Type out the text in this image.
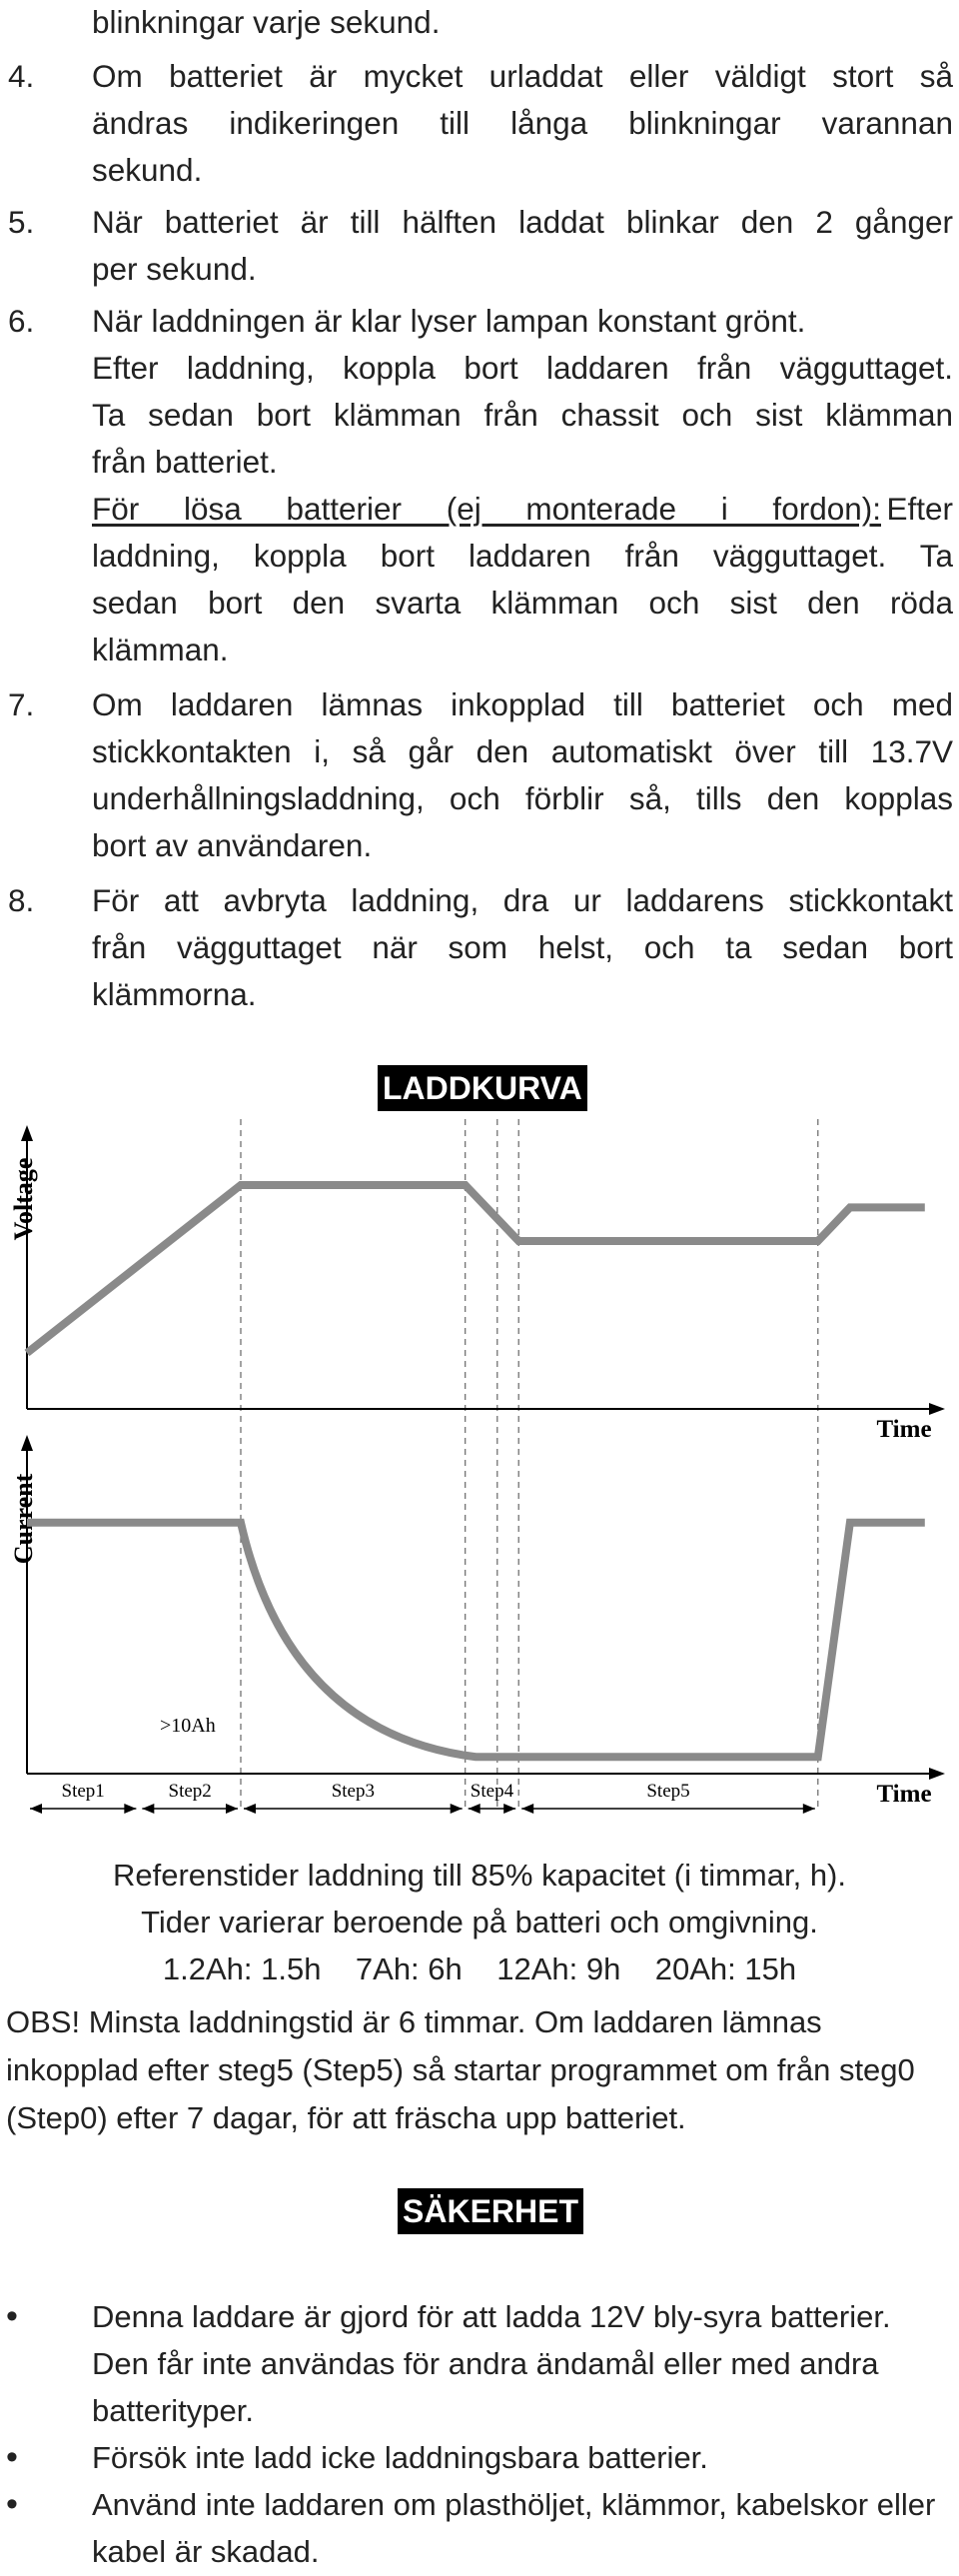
blinkningar varje sekund.
4. Om batteriet är mycket urladdat eller väldigt stort så
ändras indikeringen till långa blinkningar varannan
sekund.
5. När batteriet är till hälften laddat blinkar den 2 gånger
per sekund.
6. När laddningen är klar lyser lampan konstant grönt.
Efter laddning, koppla bort laddaren från vägguttaget.
Ta sedan bort klämman från chassit och sist klämman
från batteriet.
För lösa batterier (ej monterade i fordon): Efter
laddning, koppla bort laddaren från vägguttaget. Ta
sedan bort den svarta klämman och sist den röda
klämman.
7. Om laddaren lämnas inkopplad till batteriet och med
stickkontakten i, så går den automatiskt över till 13.7V
underhållningsladdning, och förblir så, tills den kopplas
bort av användaren.
8. För att avbryta laddning, dra ur laddarens stickkontakt
från vägguttaget när som helst, och ta sedan bort
klämmorna.
LADDKURVA
Voltage
Time
Current
Time
>10Ah
Step1	Step2	Step3	Step4	Step5
Referenstider laddning till 85% kapacitet (i timmar, h).
Tider varierar beroende på batteri och omgivning.
1.2Ah: 1.5h    7Ah: 6h    12Ah: 9h    20Ah: 15h
OBS! Minsta laddningstid är 6 timmar. Om laddaren lämnas inkopplad efter steg5 (Step5) så startar programmet om från steg0 (Step0) efter 7 dagar, för att fräscha upp batteriet.
SÄKERHET
• Denna laddare är gjord för att ladda 12V bly-syra batterier. Den får inte användas för andra ändamål eller med andra batterityper.
• Försök inte ladd icke laddningsbara batterier.
• Använd inte laddaren om plasthöljet, klämmor, kabelskor eller kabel är skadad.
